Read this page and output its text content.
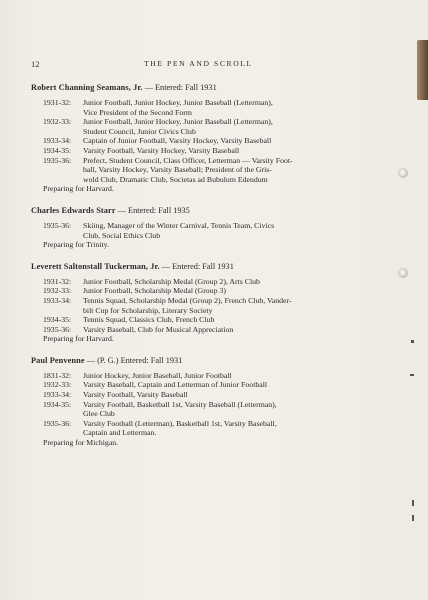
12	THE PEN AND SCROLL
Robert Channing Seamans, Jr. — Entered: Fall 1931
1931-32: Junior Football, Junior Hockey, Junior Baseball (Letterman),
Vice President of the Second Form
1932-33: Junior Football, Junior Hockey, Junior Baseball (Letterman),
Student Council, Junior Civics Club
1933-34: Captain of Junior Football, Varsity Hockey, Varsity Baseball
1934-35: Varsity Football, Varsity Hockey, Varsity Baseball
1935-36: Prefect, Student Council, Class Officer, Letterman — Varsity Foot-
ball, Varsity Hockey, Varsity Baseball; President of the Gris-
wold Club, Dramatic Club, Societas ad Bubulum Edendum
Preparing for Harvard.
Charles Edwards Starr — Entered: Fall 1935
1935-36: Skiing, Manager of the Winter Carnival, Tennis Team, Civics
Club, Social Ethics Club
Preparing for Trinity.
Leverett Saltonstall Tuckerman, Jr. — Entered: Fall 1931
1931-32: Junior Football, Scholarship Medal (Group 2), Arts Club
1932-33: Junior Football, Scholarship Medal (Group 3)
1933-34: Tennis Squad, Scholarship Medal (Group 2), French Club, Vander-
bilt Cup for Scholarship, Literary Society
1934-35: Tennis Squad, Classics Club, French Club
1935-36: Varsity Baseball, Club for Musical Appreciation
Preparing for Harvard.
Paul Penvenne — (P. G.) Entered: Fall 1931
1831-32: Junior Hockey, Junior Baseball, Junior Football
1932-33: Varsity Baseball, Captain and Letterman of Junior Football
1933-34: Varsity Football, Varsity Baseball
1934-35: Varsity Football, Basketball 1st, Varsity Baseball (Letterman),
Glee Club
1935-36: Varsity Football (Letterman), Basketball 1st, Varsity Baseball,
Captain and Letterman.
Preparing for Michigan.
